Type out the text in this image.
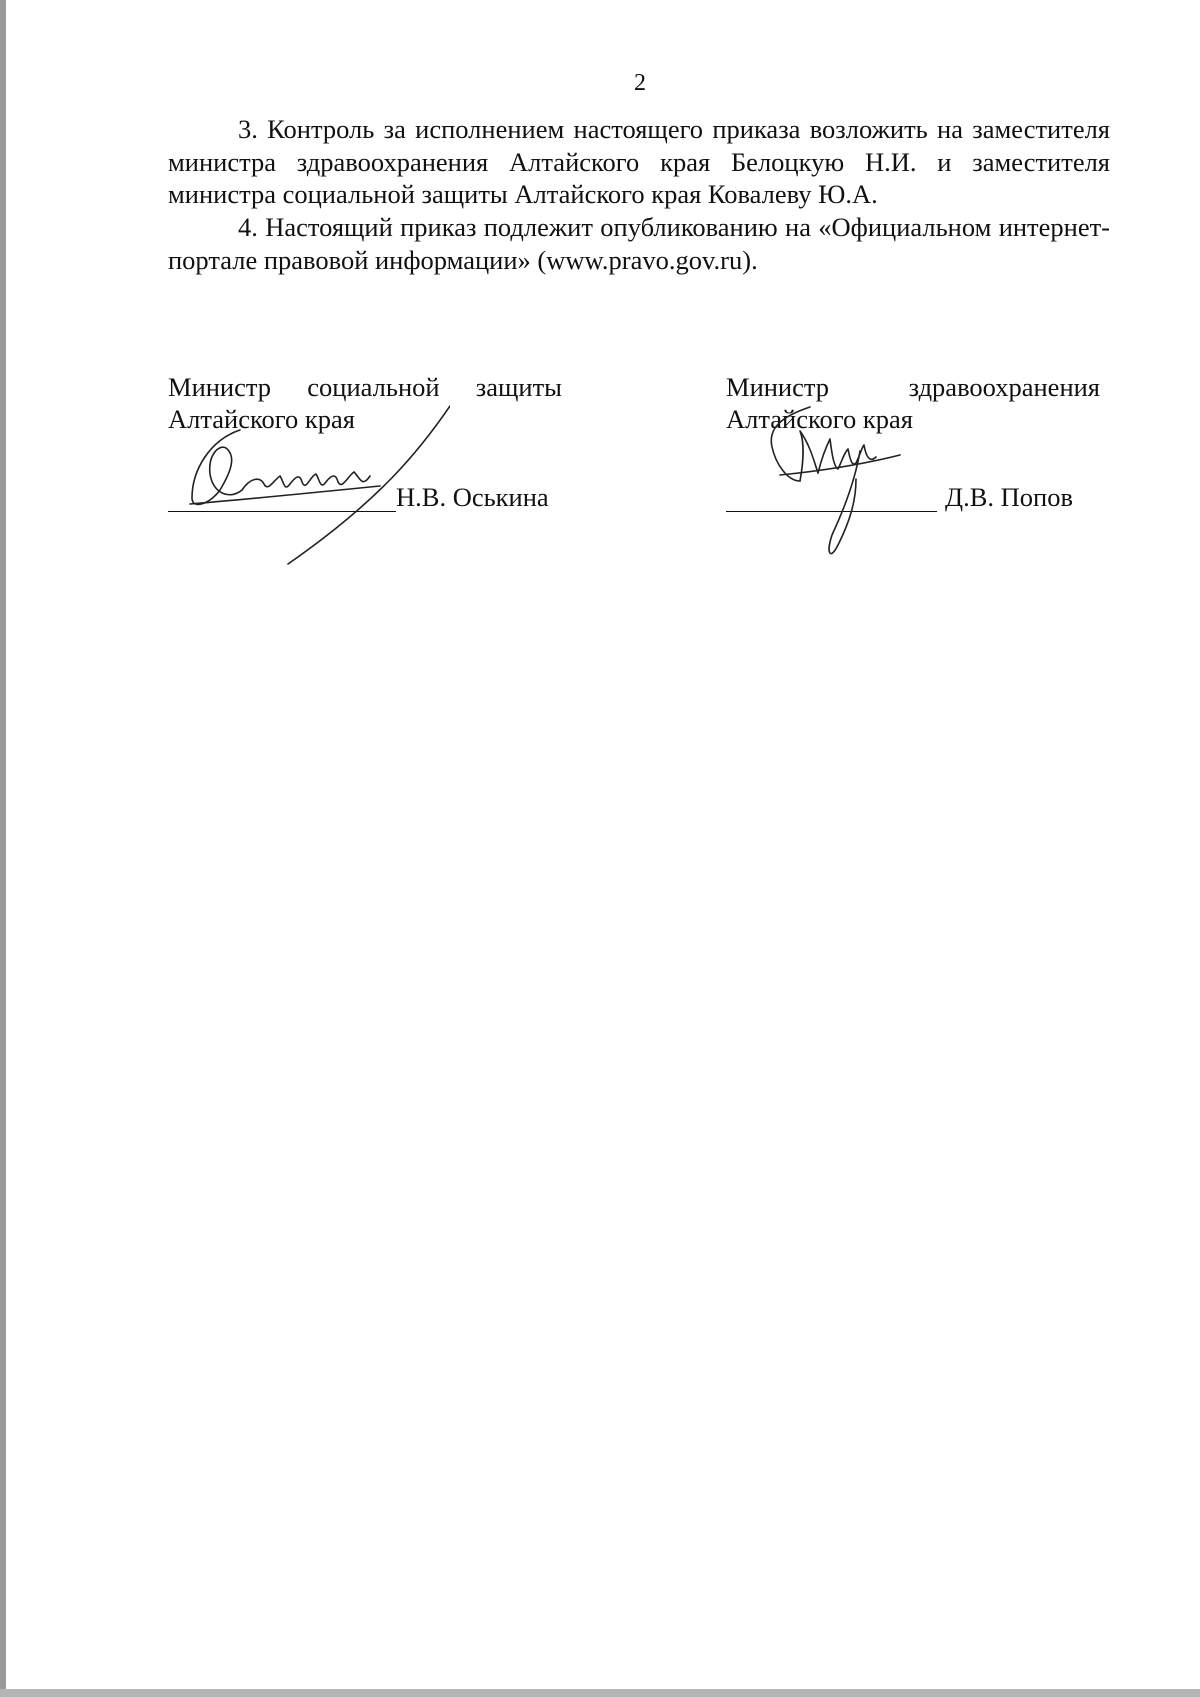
2

3. Контроль за исполнением настоящего приказа возложить на заместителя министра здравоохранения Алтайского края Белоцкую Н.И. и заместителя министра социальной защиты Алтайского края Ковалеву Ю.А.

4. Настоящий приказ подлежит опубликованию на «Официальном интернет-портале правовой информации» (www.pravo.gov.ru).

Министр социальной защиты
Алтайского края
Н.В. Оськина
Министр здравоохранения
Алтайского края
Д.В. Попов
